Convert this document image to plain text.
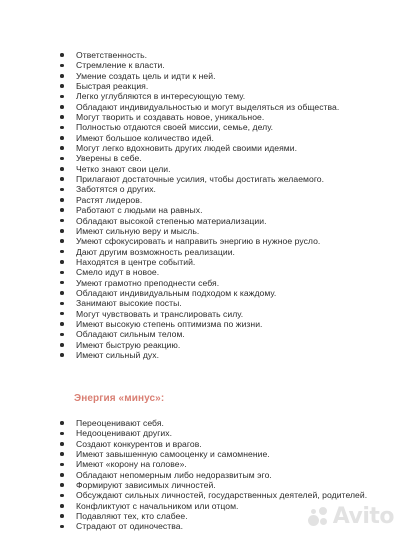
Ответственность.
Стремление к власти.
Умение создать цель и идти к ней.
Быстрая реакция.
Легко углубляются в интересующую тему.
Обладают индивидуальностью и могут выделяться из общества.
Могут творить и создавать новое, уникальное.
Полностью отдаются своей миссии, семье, делу.
Имеют большое количество идей.
Могут легко вдохновить других людей своими идеями.
Уверены в себе.
Четко знают свои цели.
Прилагают достаточные усилия, чтобы достигать желаемого.
Заботятся о других.
Растят лидеров.
Работают с людьми на равных.
Обладают высокой степенью материализации.
Имеют сильную веру и мысль.
Умеют сфокусировать и направить энергию в нужное русло.
Дают другим возможность реализации.
Находятся в центре событий.
Смело идут в новое.
Умеют грамотно преподнести себя.
Обладают индивидуальным подходом к каждому.
Занимают высокие посты.
Могут чувствовать и транслировать силу.
Имеют высокую степень оптимизма по жизни.
Обладают сильным телом.
Имеют быструю реакцию.
Имеют сильный дух.
Энергия «минус»:
Переоценивают себя.
Недооценивают других.
Создают конкурентов и врагов.
Имеют завышенную самооценку и самомнение.
Имеют «корону на голове».
Обладают непомерным либо недоразвитым эго.
Формируют зависимых личностей.
Обсуждают сильных личностей, государственных деятелей, родителей.
Конфликтуют с начальником или отцом.
Подавляют тех, кто слабее.
Страдают от одиночества.	Avito
